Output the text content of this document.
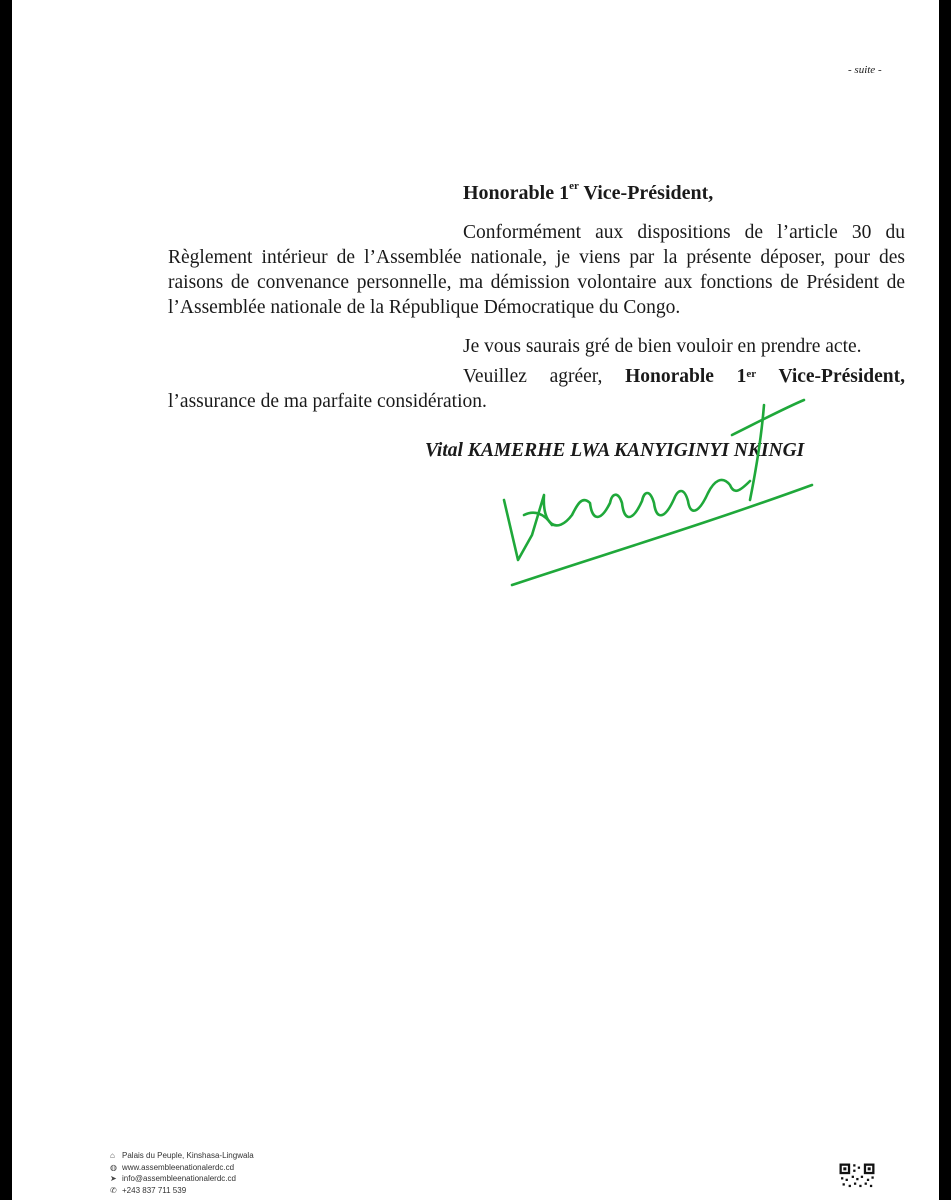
- suite -
Honorable 1er Vice-Président,

Conformément aux dispositions de l’article 30 du Règlement intérieur de l’Assemblée nationale, je viens par la présente déposer, pour des raisons de convenance personnelle, ma démission volontaire aux fonctions de Président de l’Assemblée nationale de la République Démocratique du Congo.

Je vous saurais gré de bien vouloir en prendre acte.

Veuillez agréer, Honorable 1er Vice-Président, l’assurance de ma parfaite considération.

Vital KAMERHE LWA KANYIGINYI NKINGI
⌂ Palais du Peuple, Kinshasa-Lingwala
◍ www.assembleenationalerdc.cd
➤ info@assembleenationalerdc.cd
✆ +243 837 711 539
